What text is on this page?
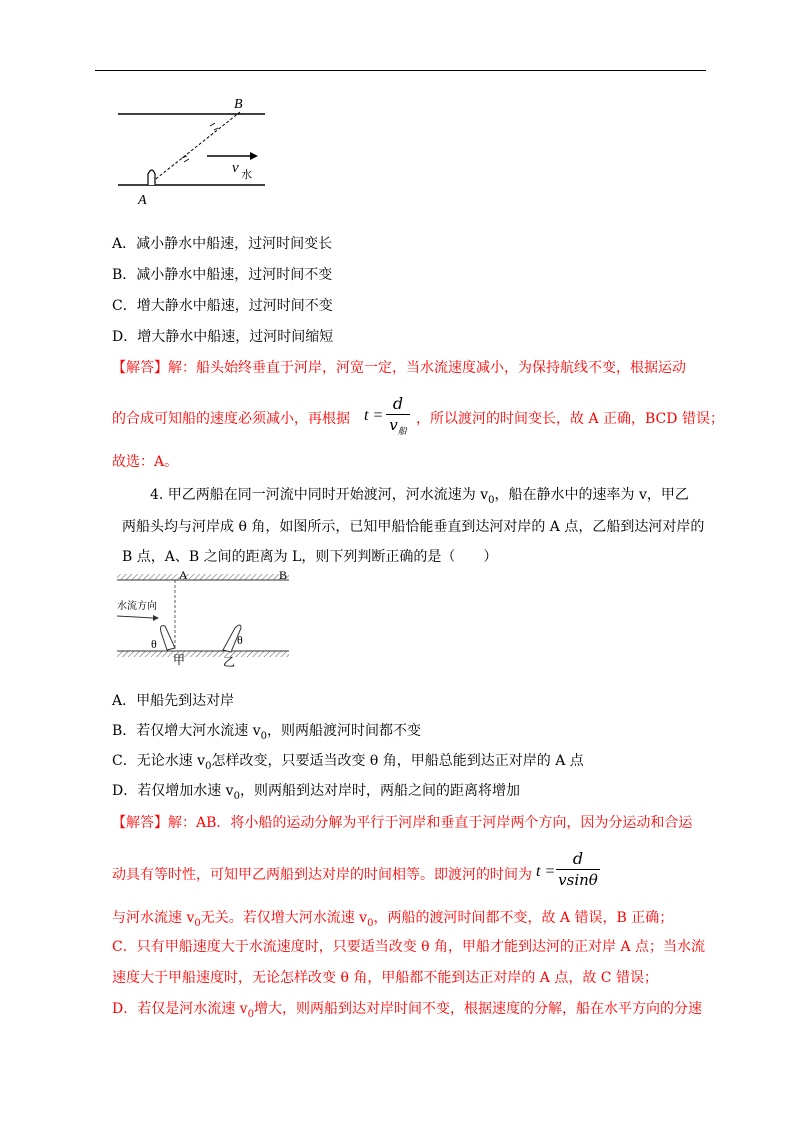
B
A
v 水
A．减小静水中船速，过河时间变长
B．减小静水中船速，过河时间不变
C．增大静水中船速，过河时间不变
D．增大静水中船速，过河时间缩短
【解答】解：船头始终垂直于河岸，河宽一定，当水流速度减小，为保持航线不变，根据运动
的合成可知船的速度必须减小，再根据 t =
d
$v_船$
，所以渡河的时间变长，故 A 正确，BCD 错误；
故选：A。
4. 甲乙两船在同一河流中同时开始渡河，河水流速为 $v_0$，船在静水中的速率为 v，甲乙
两船头均与河岸成 θ 角，如图所示，已知甲船恰能垂直到达河对岸的 A 点，乙船到达河对岸的
B 点，A、B 之间的距离为 L，则下列判断正确的是（　　）
A	B
水流方向
θ	θ
甲	乙
A．甲船先到达对岸
B．若仅增大河水流速 $v_0$，则两船渡河时间都不变
C．无论水速 $v_0$怎样改变，只要适当改变 θ 角，甲船总能到达正对岸的 A 点
D．若仅增加水速 $v_0$，则两船到达对岸时，两船之间的距离将增加
【解答】解：AB．将小船的运动分解为平行于河岸和垂直于河岸两个方向，因为分运动和合运
动具有等时性，可知甲乙两船到达对岸的时间相等。即渡河的时间为 t =
d
vsinθ
与河水流速 $v_0$无关。若仅增大河水流速 $v_0$，两船的渡河时间都不变，故 A 错误，B 正确；
C．只有甲船速度大于水流速度时，只要适当改变 θ 角，甲船才能到达河的正对岸 A 点；当水流
速度大于甲船速度时，无论怎样改变 θ 角，甲船都不能到达正对岸的 A 点，故 C 错误；
D．若仅是河水流速 $v_0$增大，则两船到达对岸时间不变，根据速度的分解，船在水平方向的分速
